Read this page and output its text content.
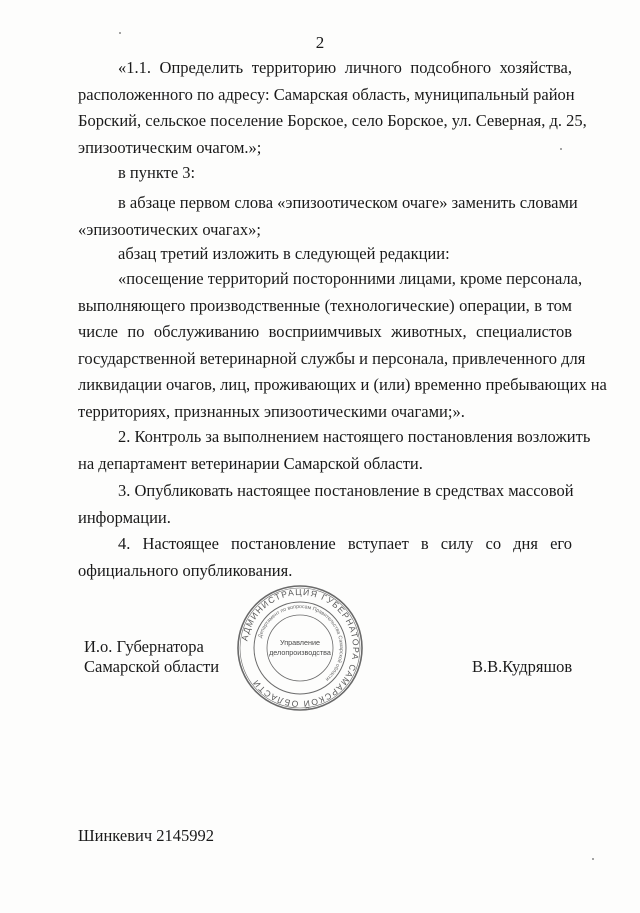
2
«1.1. Определить территорию личного подсобного хозяйства,
расположенного по адресу: Самарская область, муниципальный район
Борский, сельское поселение Борское, село Борское, ул. Северная, д. 25,
эпизоотическим очагом.»;
в пункте 3:
в абзаце первом слова «эпизоотическом очаге» заменить словами
«эпизоотических очагах»;
абзац третий изложить в следующей редакции:
«посещение территорий посторонними лицами, кроме персонала,
выполняющего производственные (технологические) операции, в том
числе по обслуживанию восприимчивых животных, специалистов
государственной ветеринарной службы и персонала, привлеченного для
ликвидации очагов, лиц, проживающих и (или) временно пребывающих на
территориях, признанных эпизоотическими очагами;».
2. Контроль за выполнением настоящего постановления возложить
на департамент ветеринарии Самарской области.
3. Опубликовать настоящее постановление в средствах массовой
информации.
4. Настоящее постановление вступает в силу со дня его
официального опубликования.
И.о. Губернатора
Самарской области	В.В.Кудряшов
АДМИНИСТРАЦИЯ ГУБЕРНАТОРА САМАРСКОЙ ОБЛАСТИ
Департамент по вопросам Правительства Самарской области
Управление
делопроизводства
Шинкевич 2145992
